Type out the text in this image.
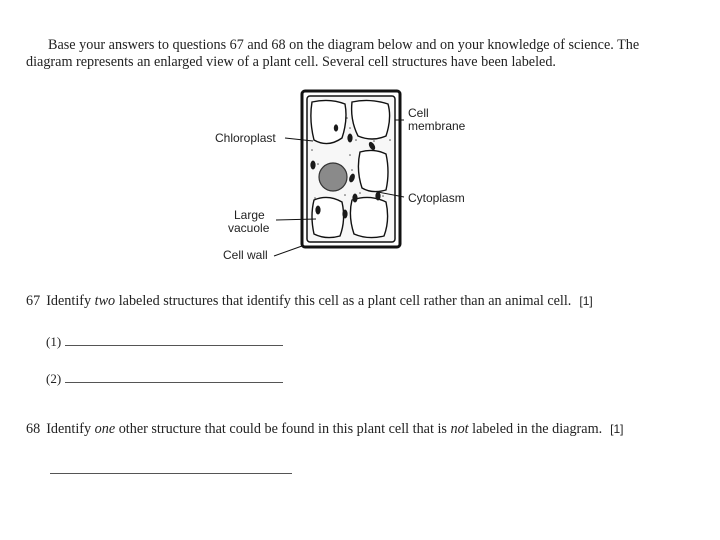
Base your answers to questions 67 and 68 on the diagram below and on your knowledge of science. The
diagram represents an enlarged view of a plant cell. Several cell structures have been labeled.
Chloroplast
Cell
membrane
Cytoplasm
Large
vacuole
Cell wall
67 Identify two labeled structures that identify this cell as a plant cell rather than an animal cell. [1]
(1)
(2)
68 Identify one other structure that could be found in this plant cell that is not labeled in the diagram. [1]
